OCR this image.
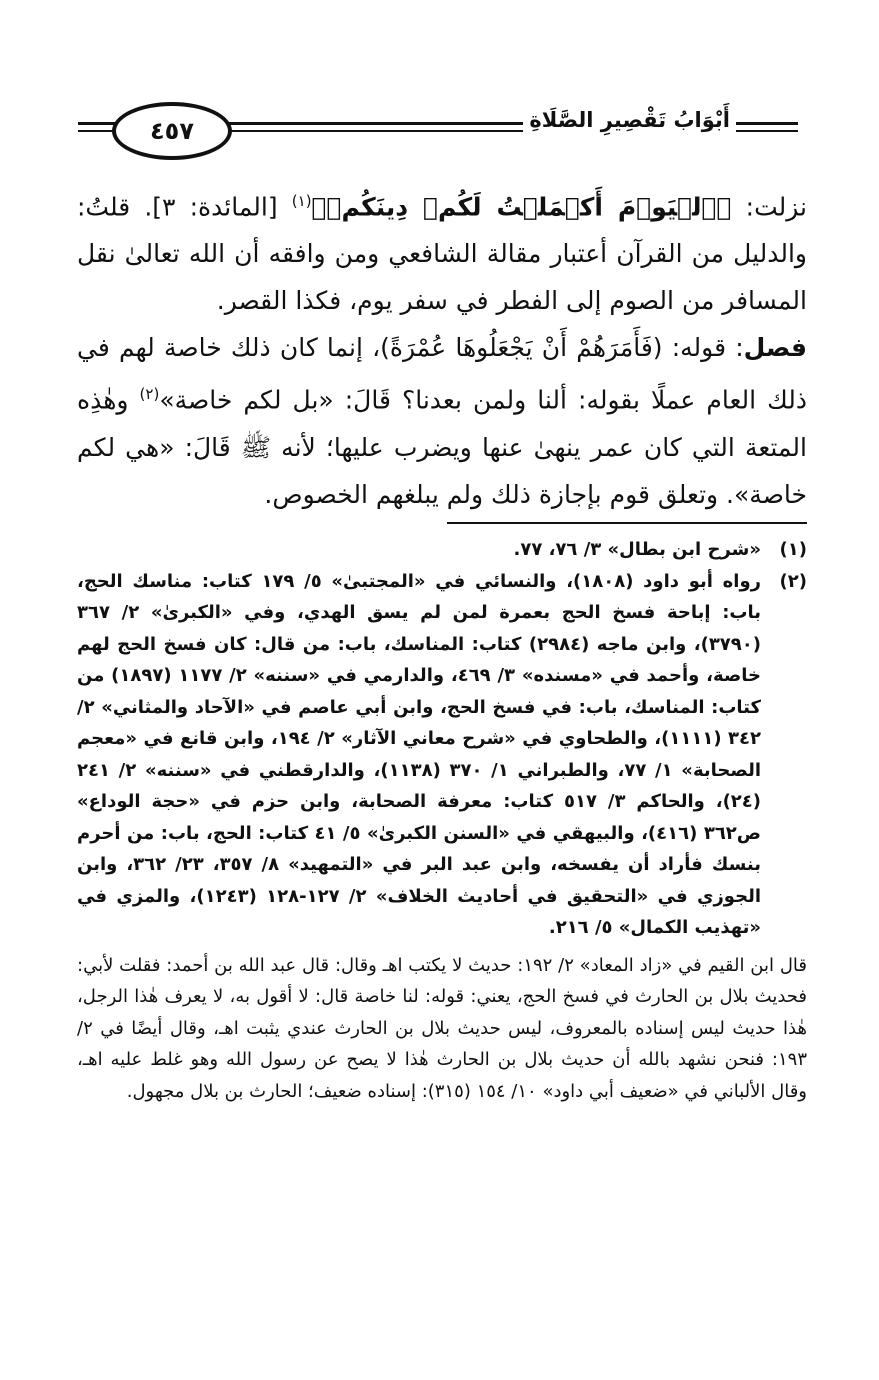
٤٥٧	أَبْوَابُ تَقْصِيرِ الصَّلَاةِ

نزلت: ﴿ٱلۡيَوۡمَ أَكۡمَلۡتُ لَكُمۡ دِينَكُمۡ﴾$^{(١)}$ [المائدة: ٣]. قلتُ: والدليل من القرآن أعتبار مقالة الشافعي ومن وافقه أن الله تعالىٰ نقل المسافر من الصوم إلى الفطر في سفر يوم، فكذا القصر.

فصل: قوله: (فَأَمَرَهُمْ أَنْ يَجْعَلُوهَا عُمْرَةً)، إنما كان ذلك خاصة لهم في ذلك العام عملًا بقوله: ألنا ولمن بعدنا؟ قَالَ: «بل لكم خاصة»$^{(٢)}$ وهٰذِه المتعة التي كان عمر ينهىٰ عنها ويضرب عليها؛ لأنه ﷺ قَالَ: «هي لكم خاصة». وتعلق قوم بإجازة ذلك ولم يبلغهم الخصوص.

(١)
«شرح ابن بطال» ٣/ ٧٦، ٧٧.
(٢)
رواه أبو داود (١٨٠٨)، والنسائي في «المجتبىٰ» ٥/ ١٧٩ كتاب: مناسك الحج، باب: إباحة فسخ الحج بعمرة لمن لم يسق الهدي، وفي «الكبرىٰ» ٢/ ٣٦٧ (٣٧٩٠)، وابن ماجه (٢٩٨٤) كتاب: المناسك، باب: من قال: كان فسخ الحج لهم خاصة، وأحمد في «مسنده» ٣/ ٤٦٩، والدارمي في «سننه» ٢/ ١١٧٧ (١٨٩٧) من كتاب: المناسك، باب: في فسخ الحج، وابن أبي عاصم في «الآحاد والمثاني» ٢/ ٣٤٢ (١١١١)، والطحاوي في «شرح معاني الآثار» ٢/ ١٩٤، وابن قانع في «معجم الصحابة» ١/ ٧٧، والطبراني ١/ ٣٧٠ (١١٣٨)، والدارقطني في «سننه» ٢/ ٢٤١ (٢٤)، والحاكم ٣/ ٥١٧ كتاب: معرفة الصحابة، وابن حزم في «حجة الوداع» ص٣٦٢ (٤١٦)، والبيهقي في «السنن الكبرىٰ» ٥/ ٤١ كتاب: الحج، باب: من أحرم بنسك فأراد أن يفسخه، وابن عبد البر في «التمهيد» ٨/ ٣٥٧، ٢٣/ ٣٦٢، وابن الجوزي في «التحقيق في أحاديث الخلاف» ٢/ ١٢٧-١٢٨ (١٢٤٣)، والمزي في «تهذيب الكمال» ٥/ ٢١٦.
قال ابن القيم في «زاد المعاد» ٢/ ١٩٢: حديث لا يكتب اهـ وقال: قال عبد الله بن أحمد: فقلت لأبي: فحديث بلال بن الحارث في فسخ الحج، يعني: قوله: لنا خاصة قال: لا أقول به، لا يعرف هٰذا الرجل، هٰذا حديث ليس إسناده بالمعروف، ليس حديث بلال بن الحارث عندي يثبت اهـ، وقال أيضًا في ٢/ ١٩٣: فنحن نشهد بالله أن حديث بلال بن الحارث هٰذا لا يصح عن رسول الله وهو غلط عليه اهـ، وقال الألباني في «ضعيف أبي داود» ١٠/ ١٥٤ (٣١٥): إسناده ضعيف؛ الحارث بن بلال مجهول.
